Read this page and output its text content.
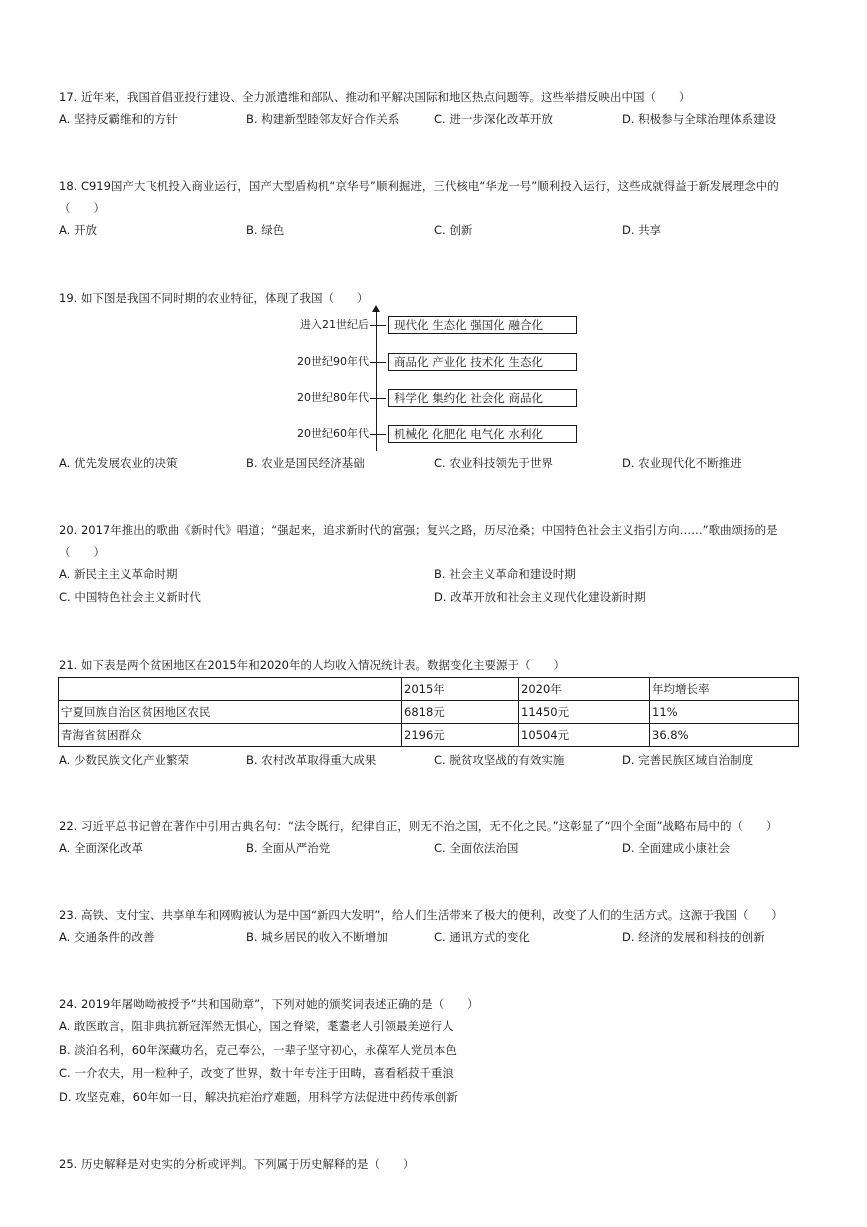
17. 近年来，我国首倡亚投行建设、全力派遣维和部队、推动和平解决国际和地区热点问题等。这些举措反映出中国（　　）
A. 坚持反霸维和的方针	B. 构建新型睦邻友好合作关系	C. 进一步深化改革开放	D. 积极参与全球治理体系建设
18. C919国产大飞机投入商业运行，国产大型盾构机“京华号”顺利掘进，三代核电“华龙一号”顺利投入运行，这些成就得益于新发展理念中的
（　　）
A. 开放	B. 绿色	C. 创新	D. 共享
19. 如下图是我国不同时期的农业特征，体现了我国（　　）
进入21世纪后	现代化 生态化 强国化 融合化
20世纪90年代	商品化 产业化 技术化 生态化
20世纪80年代	科学化 集约化 社会化 商品化
20世纪60年代	机械化 化肥化 电气化 水利化
A. 优先发展农业的决策	B. 农业是国民经济基础	C. 农业科技领先于世界	D. 农业现代化不断推进
20. 2017年推出的歌曲《新时代》唱道；“强起来，追求新时代的富强；复兴之路，历尽沧桑；中国特色社会主义指引方向……”歌曲颂扬的是
（　　）
A. 新民主主义革命时期	B. 社会主义革命和建设时期
C. 中国特色社会主义新时代	D. 改革开放和社会主义现代化建设新时期
21. 如下表是两个贫困地区在2015年和2020年的人均收入情况统计表。数据变化主要源于（　　）
	2015年	2020年	年均增长率
宁夏回族自治区贫困地区农民	6818元	11450元	11%
青海省贫困群众	2196元	10504元	36.8%
A. 少数民族文化产业繁荣	B. 农村改革取得重大成果	C. 脱贫攻坚战的有效实施	D. 完善民族区域自治制度
22. 习近平总书记曾在著作中引用古典名句：“法令既行，纪律自正，则无不治之国，无不化之民。”这彰显了“四个全面”战略布局中的（　　）
A. 全面深化改革	B. 全面从严治党	C. 全面依法治国	D. 全面建成小康社会
23. 高铁、支付宝、共享单车和网购被认为是中国“新四大发明”，给人们生活带来了极大的便利，改变了人们的生活方式。这源于我国（　　）
A. 交通条件的改善	B. 城乡居民的收入不断增加	C. 通讯方式的变化	D. 经济的发展和科技的创新
24. 2019年屠呦呦被授予“共和国勋章”，下列对她的颁奖词表述正确的是（　　）
A. 敢医敢言，阻非典抗新冠浑然无惧心，国之脊梁，耄耋老人引领最美逆行人
B. 淡泊名利，60年深藏功名，克己奉公，一辈子坚守初心，永葆军人党员本色
C. 一介农夫，用一粒种子，改变了世界，数十年专注于田畴，喜看稻菽千重浪
D. 攻坚克难，60年如一日，解决抗疟治疗难题，用科学方法促进中药传承创新
25. 历史解释是对史实的分析或评判。下列属于历史解释的是（　　）
